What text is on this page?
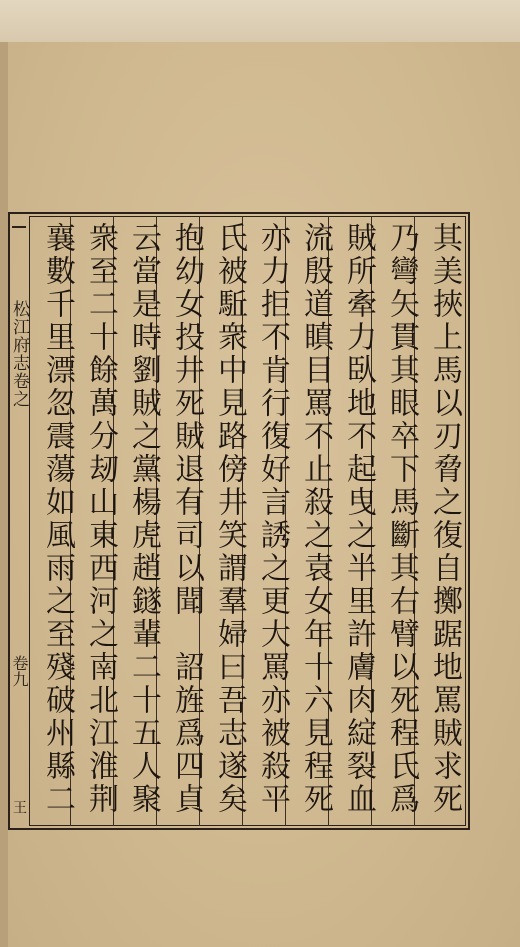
松江府志卷之
卷九
王	其美挾上馬以刃脅之復自擲踞地罵賊求死
乃彎矢貫其眼卒下馬斷其右臂以死程氏爲
賊所牽力臥地不起曳之半里許膚肉綻裂血
流殷道瞋目罵不止殺之袁女年十六見程死
亦力拒不肯行復好言誘之更大罵亦被殺平
氏被駈衆中見路傍井笑謂羣婦曰吾志遂矣
抱幼女投井死賊退有司以聞　詔旌爲四貞
云當是時劉賊之黨楊虎趙鐩輩二十五人聚
衆至二十餘萬分刼山東西河之南北江淮荆
襄數千里漂忽震蕩如風雨之至殘破州縣二
